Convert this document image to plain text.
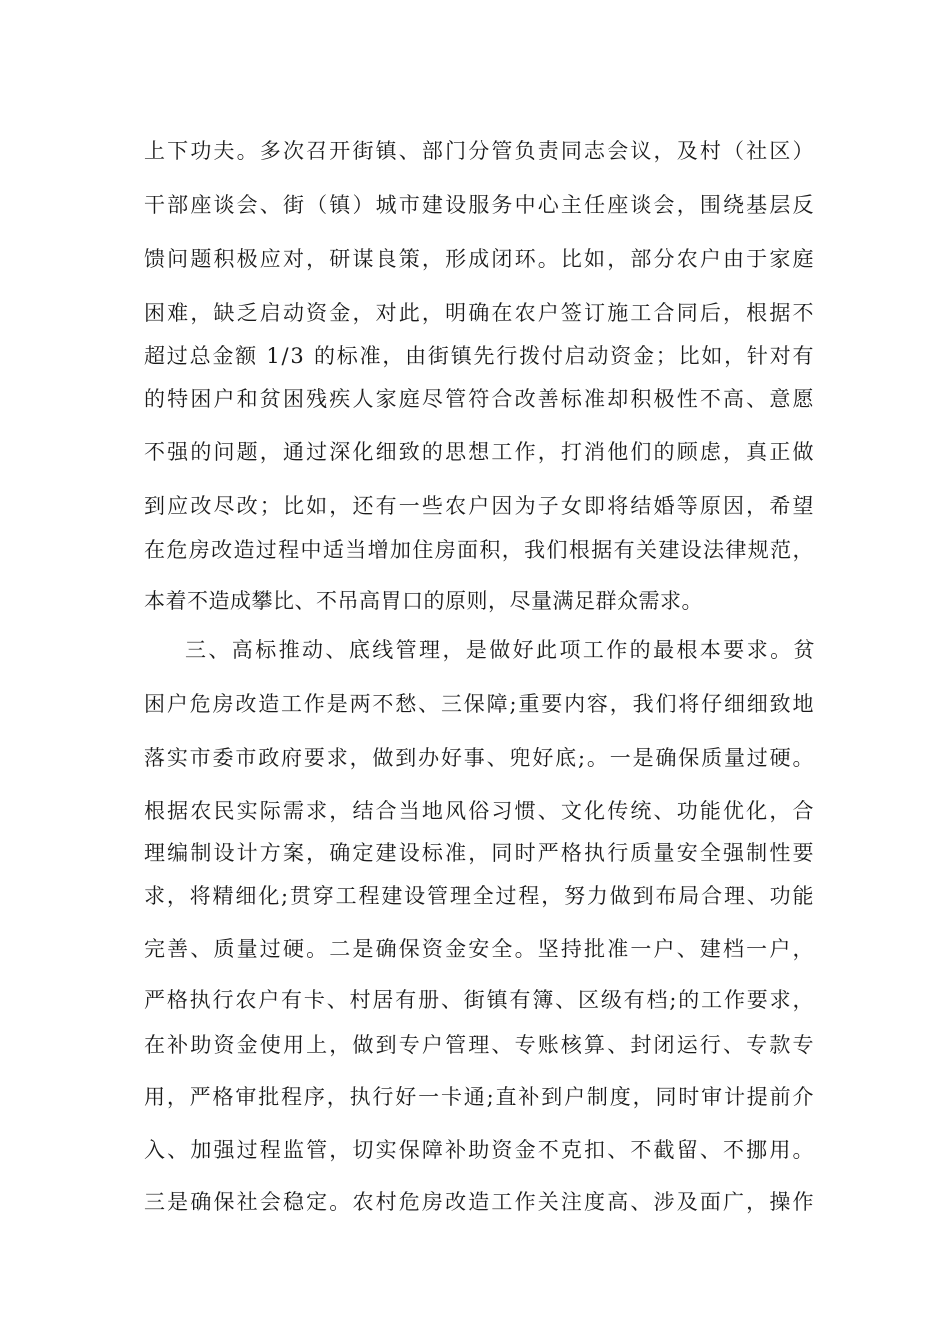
上下功夫。多次召开街镇、部门分管负责同志会议，及村（社区）
干部座谈会、街（镇）城市建设服务中心主任座谈会，围绕基层反
馈问题积极应对，研谋良策，形成闭环。比如，部分农户由于家庭
困难，缺乏启动资金，对此，明确在农户签订施工合同后，根据不
超过总金额 1/3 的标准，由街镇先行拨付启动资金；比如，针对有
的特困户和贫困残疾人家庭尽管符合改善标准却积极性不高、意愿
不强的问题，通过深化细致的思想工作，打消他们的顾虑，真正做
到应改尽改；比如，还有一些农户因为子女即将结婚等原因，希望
在危房改造过程中适当增加住房面积，我们根据有关建设法律规范，
本着不造成攀比、不吊高胃口的原则，尽量满足群众需求。
三、高标推动、底线管理，是做好此项工作的最根本要求。贫
困户危房改造工作是两不愁、三保障;重要内容，我们将仔细细致地
落实市委市政府要求，做到办好事、兜好底;。一是确保质量过硬。
根据农民实际需求，结合当地风俗习惯、文化传统、功能优化，合
理编制设计方案，确定建设标准，同时严格执行质量安全强制性要
求，将精细化;贯穿工程建设管理全过程，努力做到布局合理、功能
完善、质量过硬。二是确保资金安全。坚持批准一户、建档一户，
严格执行农户有卡、村居有册、街镇有簿、区级有档;的工作要求，
在补助资金使用上，做到专户管理、专账核算、封闭运行、专款专
用，严格审批程序，执行好一卡通;直补到户制度，同时审计提前介
入、加强过程监管，切实保障补助资金不克扣、不截留、不挪用。
三是确保社会稳定。农村危房改造工作关注度高、涉及面广，操作
